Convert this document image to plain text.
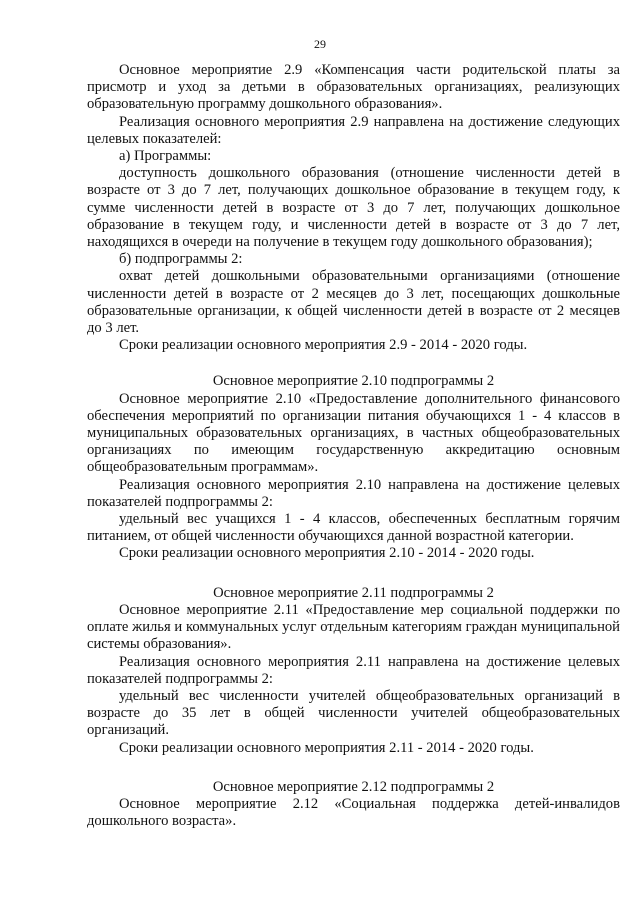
29

Основное мероприятие 2.9 «Компенсация части родительской платы за присмотр и уход за детьми в образовательных организациях, реализующих образовательную программу дошкольного образования».

Реализация основного мероприятия 2.9 направлена на достижение следующих целевых показателей:

а) Программы:

доступность дошкольного образования (отношение численности детей в возрасте от 3 до 7 лет, получающих дошкольное образование в текущем году, к сумме численности детей в возрасте от 3 до 7 лет, получающих дошкольное образование в текущем году, и численности детей в возрасте от 3 до 7 лет, находящихся в очереди на получение в текущем году дошкольного образования);

б) подпрограммы 2:

охват детей дошкольными образовательными организациями (отношение численности детей в возрасте от 2 месяцев до 3 лет, посещающих дошкольные образовательные организации, к общей численности детей в возрасте от 2 месяцев до 3 лет.

Сроки реализации основного мероприятия 2.9 - 2014 - 2020 годы.

Основное мероприятие 2.10 подпрограммы 2

Основное мероприятие 2.10 «Предоставление дополнительного финансового обеспечения мероприятий по организации питания обучающихся 1 - 4 классов в муниципальных образовательных организациях, в частных общеобразовательных организациях по имеющим государственную аккредитацию основным общеобразовательным программам».

Реализация основного мероприятия 2.10 направлена на достижение целевых показателей подпрограммы 2:

удельный вес учащихся 1 - 4 классов, обеспеченных бесплатным горячим питанием, от общей численности обучающихся данной возрастной категории.

Сроки реализации основного мероприятия 2.10 - 2014 - 2020 годы.

Основное мероприятие 2.11 подпрограммы 2

Основное мероприятие 2.11 «Предоставление мер социальной поддержки по оплате жилья и коммунальных услуг отдельным категориям граждан муниципальной системы образования».

Реализация основного мероприятия 2.11 направлена на достижение целевых показателей подпрограммы 2:

удельный вес численности учителей общеобразовательных организаций в возрасте до 35 лет в общей численности учителей общеобразовательных организаций.

Сроки реализации основного мероприятия 2.11 - 2014 - 2020 годы.

Основное мероприятие 2.12 подпрограммы 2

Основное мероприятие 2.12 «Социальная поддержка детей-инвалидов дошкольного возраста».
